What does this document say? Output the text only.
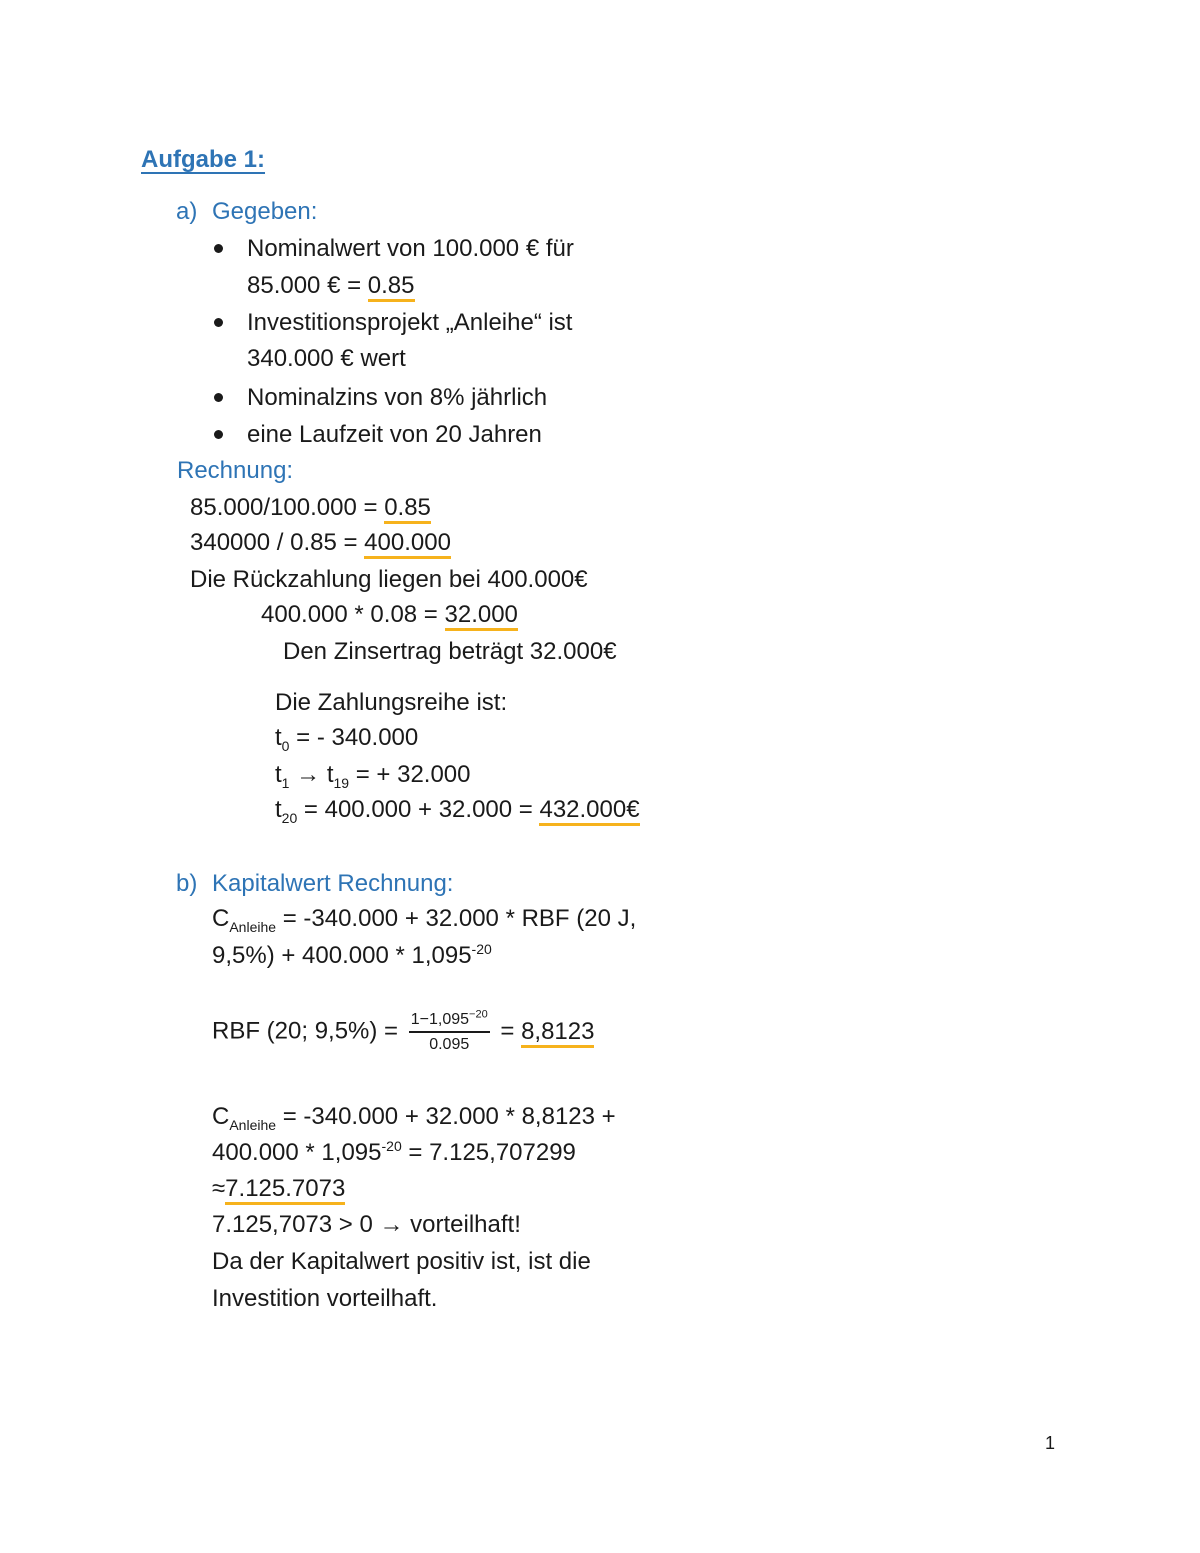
Aufgabe 1:
a) Gegeben:
Nominalwert von 100.000 € für
85.000 € = 0.85
Investitionsprojekt „Anleihe“ ist
340.000 € wert
Nominalzins von 8% jährlich
eine Laufzeit von 20 Jahren
Rechnung:
85.000/100.000 = 0.85
340000 / 0.85 = 400.000
Die Rückzahlung liegen bei 400.000€
400.000 * 0.08 = 32.000
Den Zinsertrag beträgt 32.000€
Die Zahlungsreihe ist:
$t_0$ = - 340.000
$t_1 \to t_{19}$ = + 32.000
$t_{20} = 400.000 + 32.000$ = 432.000€
b) Kapitalwert Rechnung:
$C_{Anleihe} = -340.000 + 32.000$ * RBF (20 J,
$9,5\%) + 400.000 * 1,095^{-20}$
RBF (20; $9,5\%) = \frac{1-1,095^{-20}}{0.095} = 8,8123$
$C_{Anleihe} = -340.000 + 32.000 * 8,8123$ +
$400.000 * 1,095^{-20} = 7.125,707299$
≈7.125.7073
7.125,7073 > 0 → vorteilhaft!
Da der Kapitalwert positiv ist, ist die
Investition vorteilhaft.
1
